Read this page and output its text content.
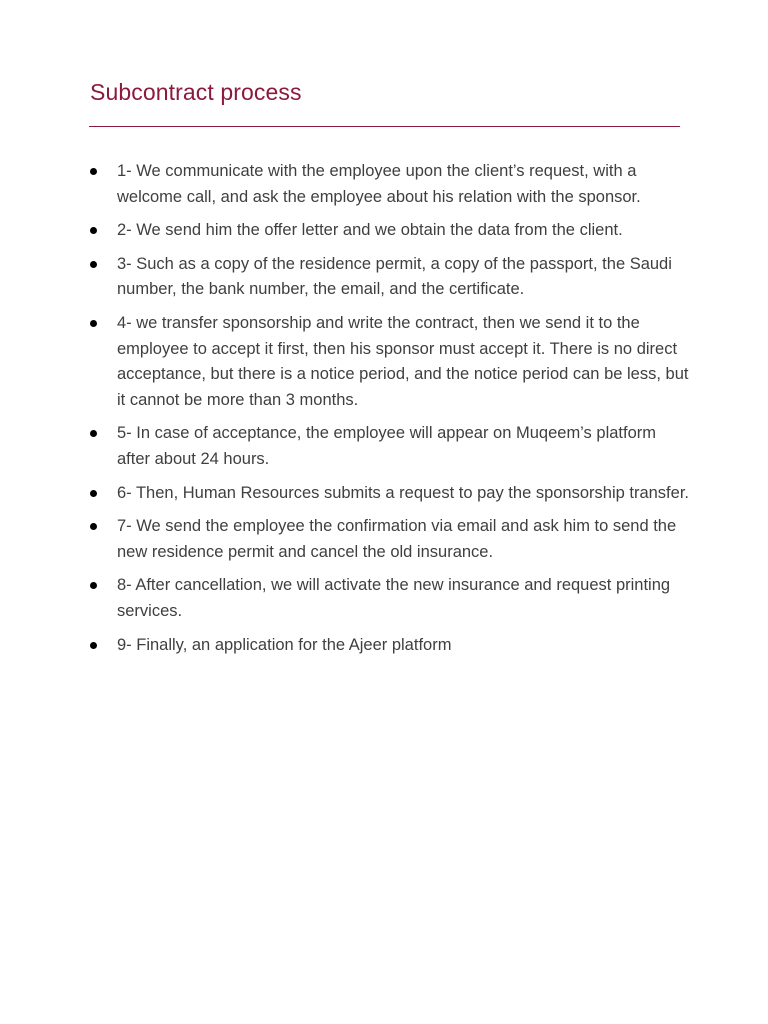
Subcontract process
1- We communicate with the employee upon the client’s request, with a welcome call, and ask the employee about his relation with the sponsor.
2- We send him the offer letter and we obtain the data from the client.
3- Such as a copy of the residence permit, a copy of the passport, the Saudi number, the bank number, the email, and the certificate.
4- we transfer sponsorship and write the contract, then we send it to the employee to accept it first, then his sponsor must accept it. There is no direct acceptance, but there is a notice period, and the notice period can be less, but it cannot be more than 3 months.
5- In case of acceptance, the employee will appear on Muqeem’s platform after about 24 hours.
6- Then, Human Resources submits a request to pay the sponsorship transfer.
7- We send the employee the confirmation via email and ask him to send the new residence permit and cancel the old insurance.
8- After cancellation, we will activate the new insurance and request printing services.
9- Finally, an application for the Ajeer platform
